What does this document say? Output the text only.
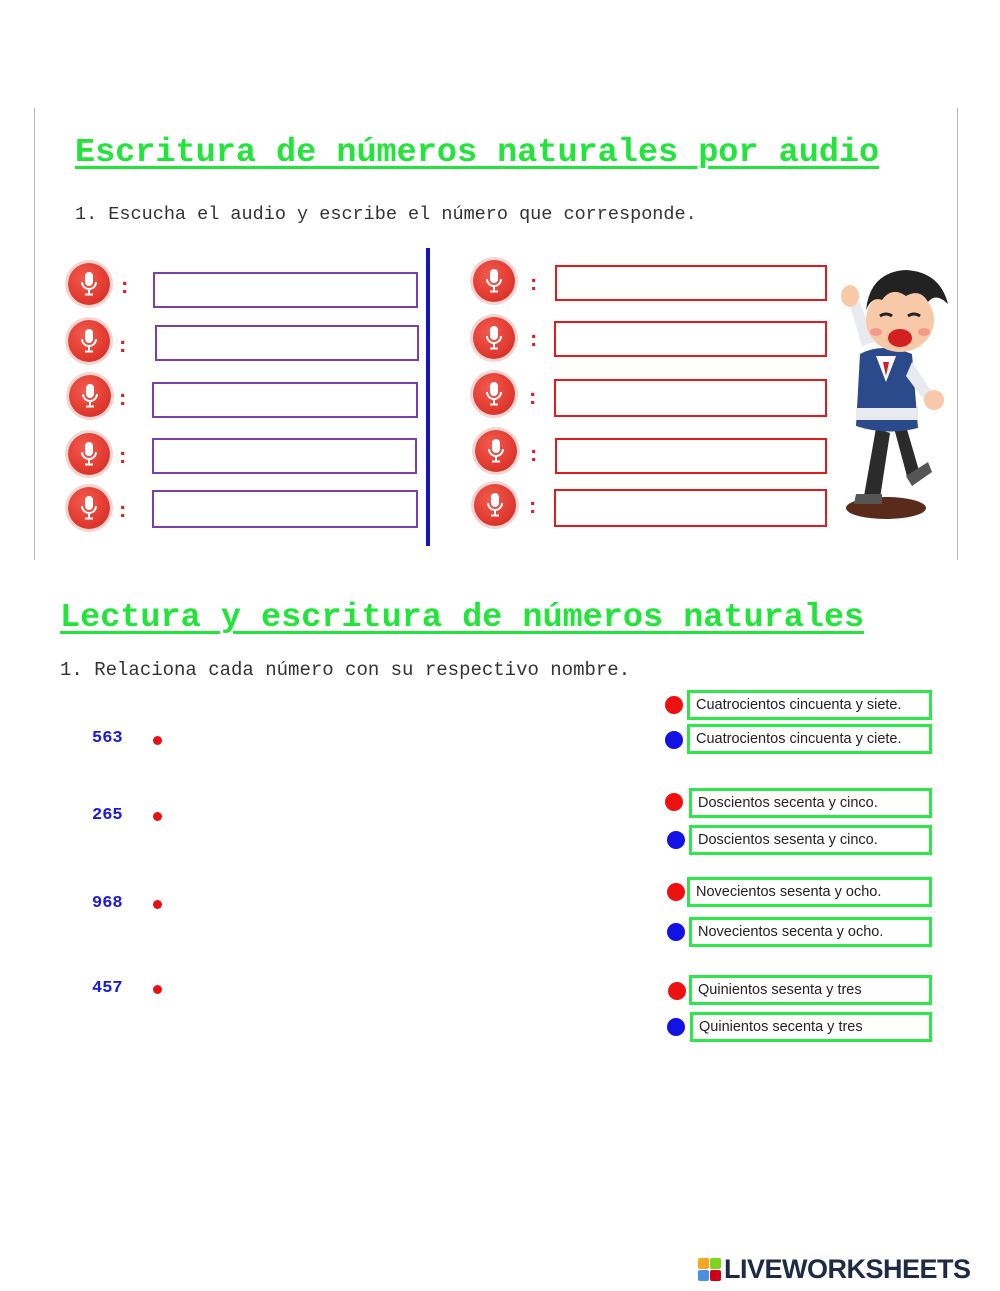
Escritura de números naturales por audio
1. Escucha el audio y escribe el número que corresponde.
:
:
:
:
:
:
:
:
:
:
Lectura y escritura de números naturales
1. Relaciona cada número con su respectivo nombre.
563
265
968
457
Cuatrocientos cincuenta y siete.
Cuatrocientos cincuenta y ciete.
Doscientos secenta y cinco.
Doscientos sesenta y cinco.
Novecientos sesenta y ocho.
Novecientos secenta y ocho.
Quinientos sesenta y tres
Quinientos secenta y tres
LIVEWORKSHEETS
